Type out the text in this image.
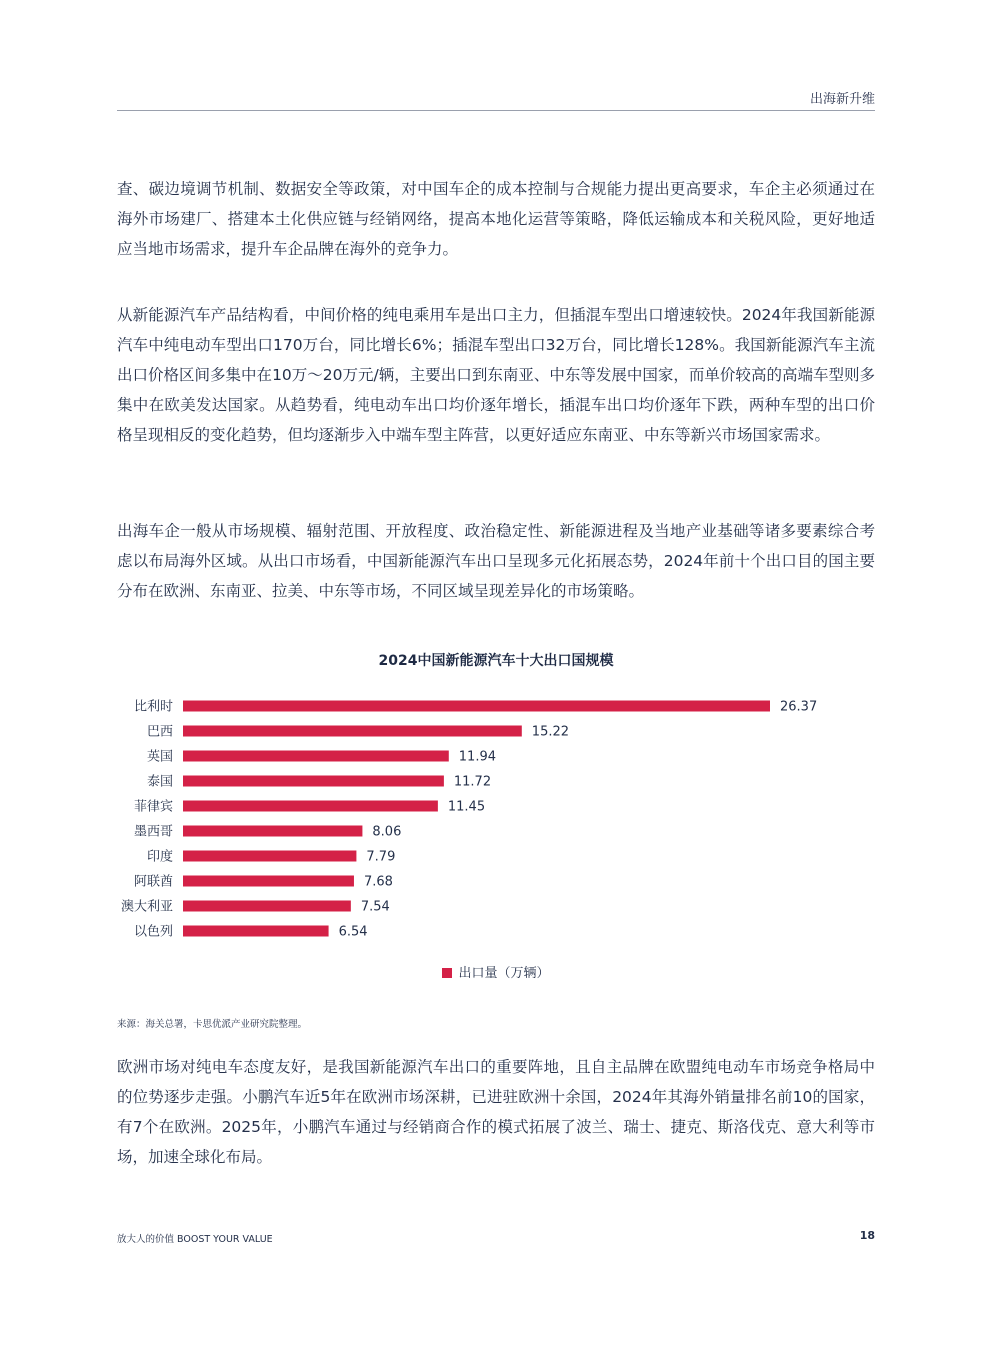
出海新升维

查、碳边境调节机制、数据安全等政策，对中国车企的成本控制与合规能力提出更高要求，车企主必须通过在海外市场建厂、搭建本土化供应链与经销网络，提高本地化运营等策略，降低运输成本和关税风险，更好地适应当地市场需求，提升车企品牌在海外的竞争力。

从新能源汽车产品结构看，中间价格的纯电乘用车是出口主力，但插混车型出口增速较快。2024年我国新能源汽车中纯电动车型出口170万台，同比增长6%；插混车型出口32万台，同比增长128%。我国新能源汽车主流出口价格区间多集中在10万～20万元/辆，主要出口到东南亚、中东等发展中国家，而单价较高的高端车型则多集中在欧美发达国家。从趋势看，纯电动车出口均价逐年增长，插混车出口均价逐年下跌，两种车型的出口价格呈现相反的变化趋势，但均逐渐步入中端车型主阵营，以更好适应东南亚、中东等新兴市场国家需求。

出海车企一般从市场规模、辐射范围、开放程度、政治稳定性、新能源进程及当地产业基础等诸多要素综合考虑以布局海外区域。从出口市场看，中国新能源汽车出口呈现多元化拓展态势，2024年前十个出口目的国主要分布在欧洲、东南亚、拉美、中东等市场，不同区域呈现差异化的市场策略。

2024中国新能源汽车十大出口国规模
比利时	26.37
巴西	15.22
英国	11.94
泰国	11.72
菲律宾	11.45
墨西哥	8.06
印度	7.79
阿联酋	7.68
澳大利亚	7.54
以色列	6.54
出口量（万辆）
来源：海关总署，卡思优派产业研究院整理。

欧洲市场对纯电车态度友好，是我国新能源汽车出口的重要阵地，且自主品牌在欧盟纯电动车市场竞争格局中的位势逐步走强。小鹏汽车近5年在欧洲市场深耕，已进驻欧洲十余国，2024年其海外销量排名前10的国家，有7个在欧洲。2025年，小鹏汽车通过与经销商合作的模式拓展了波兰、瑞士、捷克、斯洛伐克、意大利等市场，加速全球化布局。

放大人的价值 BOOST YOUR VALUE	18
